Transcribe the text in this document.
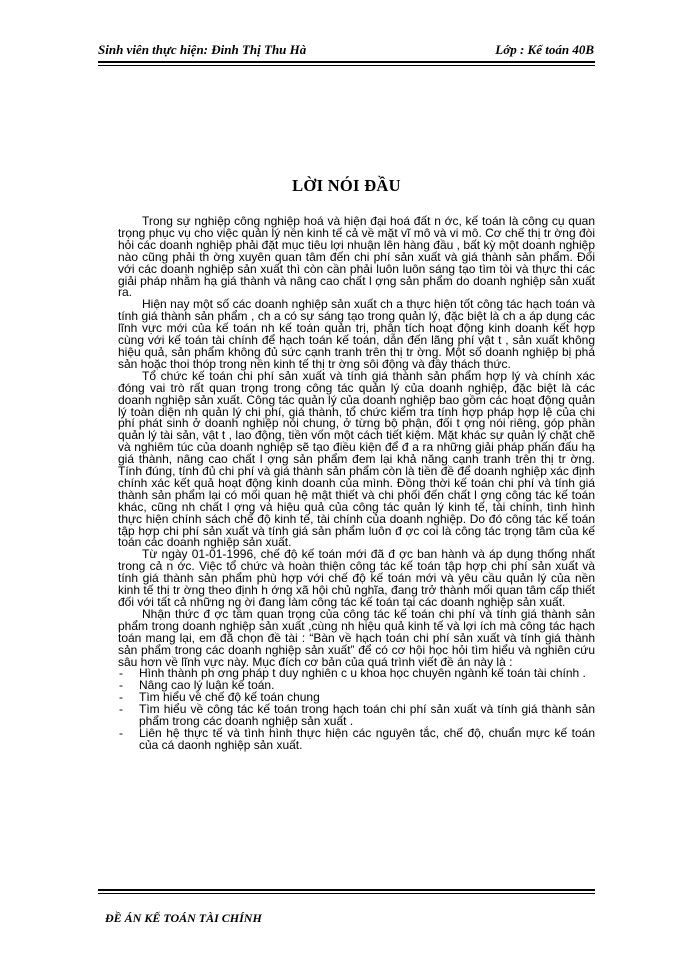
Sinh viên thực hiện: Đinh Thị Thu Hà	Lớp : Kế toán 40B
LỜI NÓI ĐẦU

Trong sự nghiệp công nghiệp hoá và hiện đại hoá đất n ớc, kế toán là công cụ quan trọng phục vụ cho việc quản lý nền kinh tế cả về mặt vĩ mô và vi mô. Cơ chế thị tr ờng đòi hỏi các doanh nghiệp phải đặt mục tiêu lợi nhuận lên hàng đầu , bất kỳ một doanh nghiệp nào cũng phải th ờng xuyên quan tâm đến chi phí sản xuất và giá thành sản phẩm. Đối với các doanh nghiệp sản xuất thì còn cần phải luôn luôn sáng tạo tìm tòi và thực thi các giải pháp nhằm hạ giá thành và nâng cao chất l ợng sản phẩm do doanh nghiệp sản xuất ra.

Hiện nay một số các doanh nghiệp sản xuất ch a thực hiện tốt công tác hạch toán và tính giá thành sản phẩm , ch a có sự sáng tạo trong quản lý, đặc biệt là ch a áp dụng các lĩnh vực mới của kế toán nh kế toán quản trị, phân tích hoạt động kinh doanh kết hợp cùng với kế toán tài chính để hạch toán kế toán, dẫn đến lãng phí vật t , sản xuất không hiệu quả, sản phẩm không đủ sức cạnh tranh trên thị tr ờng. Một số doanh nghiệp bị phá sản hoặc thoi thóp trong nền kinh tế thị tr ờng sôi động và đầy thách thức.

Tổ chức kế toán chi phí sản xuất và tính giá thành sản phẩm hợp lý và chính xác đóng vai trò rất quan trọng trong công tác quản lý của doanh nghiệp, đặc biệt là các doanh nghiệp sản xuất. Công tác quản lý của doanh nghiệp bao gồm các hoạt động quản lý toàn diện nh quản lý chi phí, giá thành, tổ chức kiểm tra tính hợp pháp hợp lệ của chi phí phát sinh ở doanh nghiệp nói chung, ở từng bộ phận, đối t ợng nói riêng, góp phần quản lý tài sản, vật t , lao động, tiền vốn một cách tiết kiệm. Mặt khác sự quản lý chặt chẽ và nghiêm túc của doanh nghiệp sẽ tạo điều kiện để đ a ra những giải pháp phấn đấu hạ giá thành, nâng cao chất l ợng sản phẩm đem lại khả năng cạnh tranh trên thị tr ờng. Tính đúng, tính đủ chi phí và giá thành sản phẩm còn là tiền đề để doanh nghiệp xác định chính xác kết quả hoạt động kinh doanh của mình. Đồng thời kế toán chi phí và tính giá thành sản phẩm lại có mối quan hệ mật thiết và chi phối đến chất l ợng công tác kế toán khác, cũng nh chất l ợng và hiệu quả của công tác quản lý kinh tế, tài chính, tình hình thực hiện chính sách chế độ kinh tế, tài chính của doanh nghiệp. Do đó công tác kế toán tập hợp chi phí sản xuất và tính giá sản phẩm luôn đ ợc coi là công tác trọng tâm của kế toán các doanh nghiệp sản xuất.

Từ ngày 01-01-1996, chế độ kế toán mới đã đ ợc ban hành và áp dụng thống nhất trong cả n ớc. Việc tổ chức và hoàn thiện công tác kế toán tập hợp chi phí sản xuất và tính giá thành sản phẩm phù hợp với chế độ kế toán mới và yêu cầu quản lý của nền kinh tế thị tr ờng theo định h ớng xã hội chủ nghĩa, đang trở thành mối quan tâm cấp thiết đối với tất cả những ng ời đang làm công tác kế toán tại các doanh nghiệp sản xuất.

Nhận thức đ ợc tầm quan trọng của công tác kế toán chi phí và tính giá thành sản phẩm trong doanh nghiệp sản xuất ,cùng nh hiệu quả kinh tế và lợi ích mà công tác hạch toán mang lại, em đã chọn đề tài : “Bàn về hạch toán chi phí sản xuất và tính giá thành sản phẩm trong các doanh nghiệp sản xuất” để có cơ hội học hỏi tìm hiểu và nghiên cứu sâu hơn về lĩnh vực này. Mục đích cơ bản của quá trình viết đề án này là :

- Hình thành ph ơng pháp t duy nghiên c u khoa học chuyên ngành kế toán tài chính .
- Nâng cao lý luận kế toán.
- Tìm hiểu về chế độ kế toán chung
- Tìm hiểu về công tác kế toán trong hạch toán chi phí sản xuất và tính giá thành sản phẩm trong các doanh nghiệp sản xuất .
- Liên hệ thực tế và tình hình thực hiện các nguyên tắc, chế độ, chuẩn mực kế toán của cá daonh nghiệp sản xuất.
ĐỀ ÁN KẾ TOÁN TÀI CHÍNH
